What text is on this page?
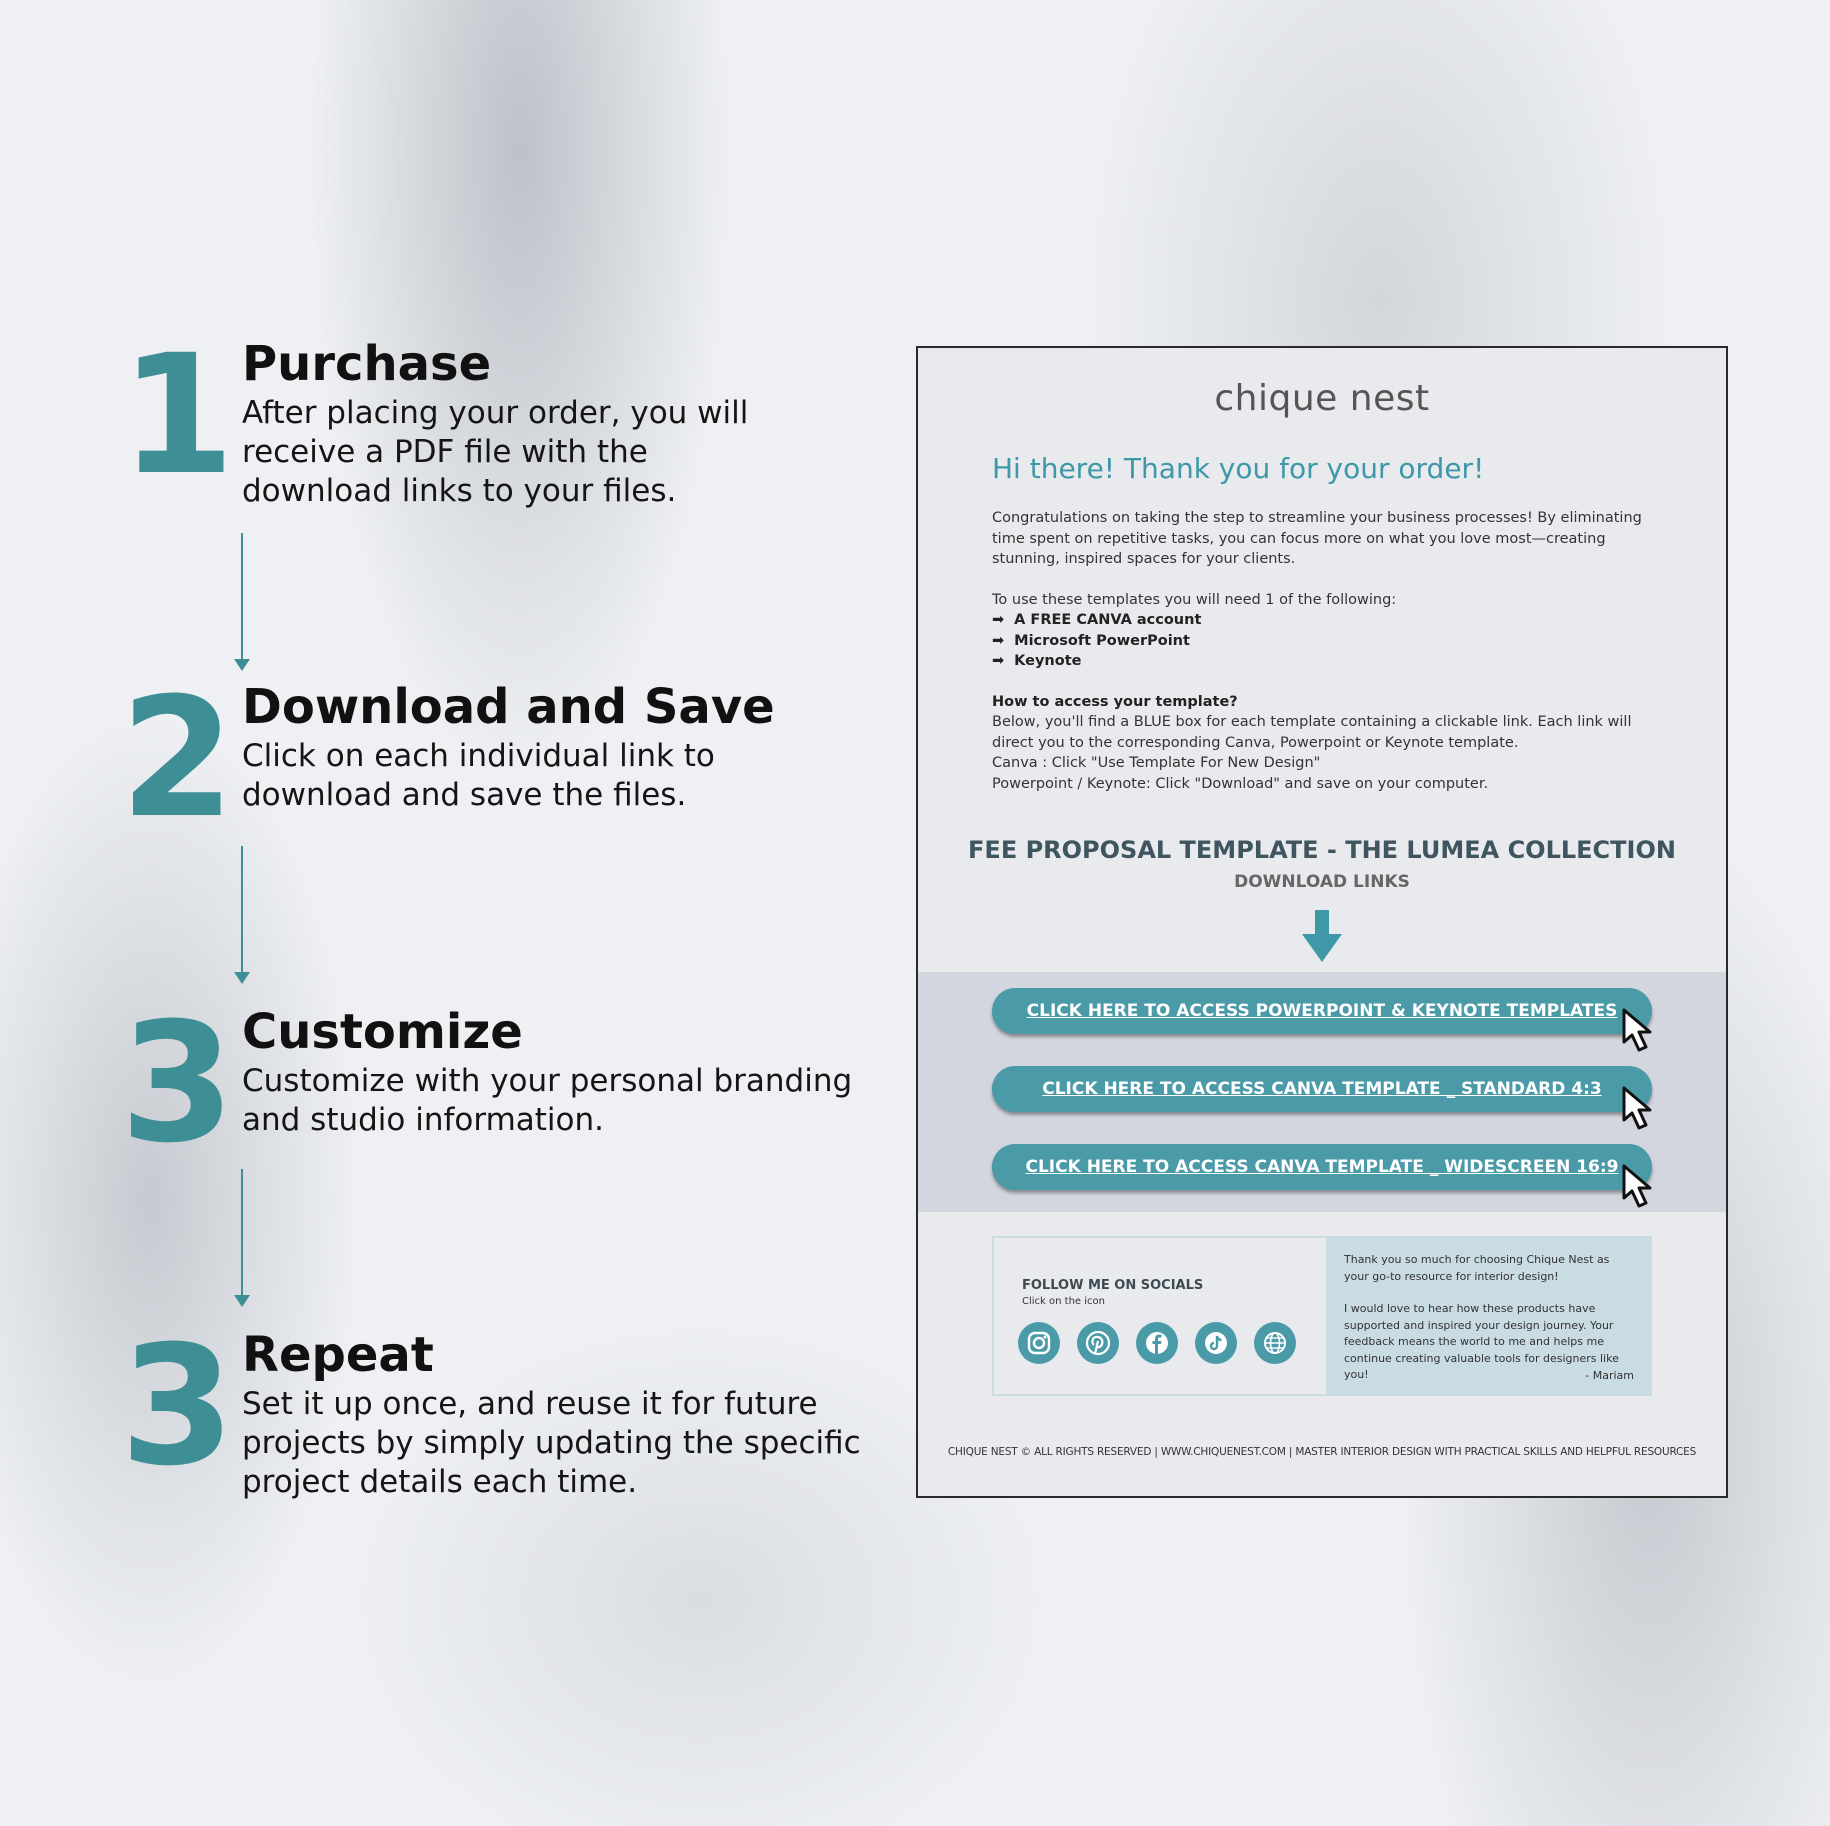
1 Purchase
After placing your order, you will receive a PDF file with the download links to your files.
2 Download and Save
Click on each individual link to download and save the files.
3 Customize
Customize with your personal branding and studio information.
3 Repeat
Set it up once, and reuse it for future projects by simply updating the specific project details each time.
chique nest
Hi there! Thank you for your order!

Congratulations on taking the step to streamline your business processes! By eliminating time spent on repetitive tasks, you can focus more on what you love most—creating stunning, inspired spaces for your clients.

To use these templates you will need 1 of the following:
➡ A FREE CANVA account
➡ Microsoft PowerPoint
➡ Keynote
How to access your template?
Below, you'll find a BLUE box for each template containing a clickable link. Each link will direct you to the corresponding Canva, Powerpoint or Keynote template.
Canva : Click "Use Template For New Design"
Powerpoint / Keynote: Click "Download" and save on your computer.
FEE PROPOSAL TEMPLATE - THE LUMEA COLLECTION
DOWNLOAD LINKS
CLICK HERE TO ACCESS POWERPOINT & KEYNOTE TEMPLATES
CLICK HERE TO ACCESS CANVA TEMPLATE _ STANDARD 4:3
CLICK HERE TO ACCESS CANVA TEMPLATE _ WIDESCREEN 16:9
FOLLOW ME ON SOCIALS
Click on the icon

Thank you so much for choosing Chique Nest as your go-to resource for interior design!

I would love to hear how these products have supported and inspired your design journey. Your feedback means the world to me and helps me continue creating valuable tools for designers like you!	- Mariam
CHIQUE NEST © ALL RIGHTS RESERVED | WWW.CHIQUENEST.COM | MASTER INTERIOR DESIGN WITH PRACTICAL SKILLS AND HELPFUL RESOURCES
